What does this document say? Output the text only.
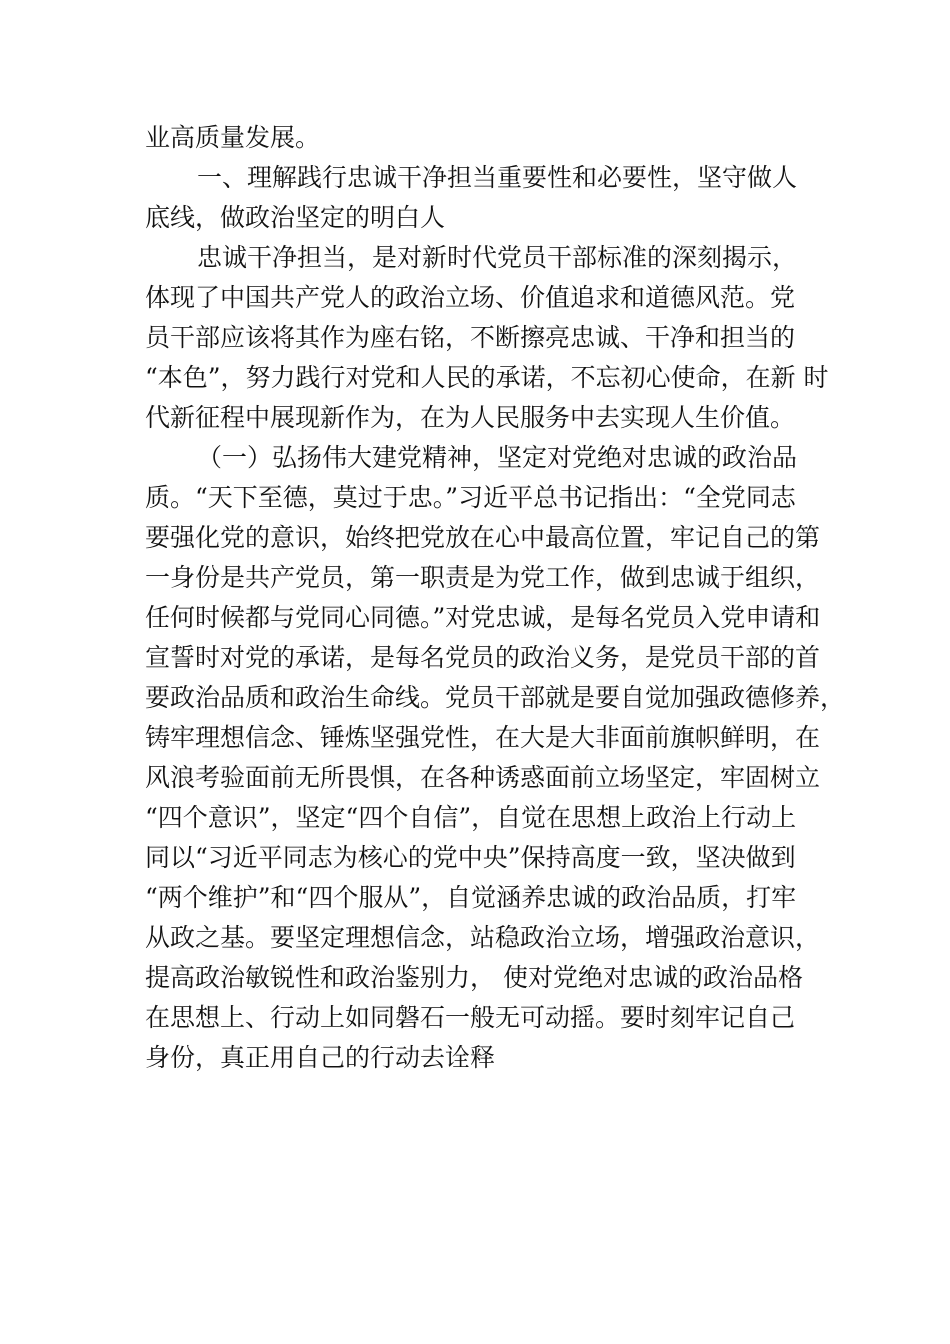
业高质量发展。
一、理解践行忠诚干净担当重要性和必要性，坚守做人
底线，做政治坚定的明白人
忠诚干净担当，是对新时代党员干部标准的深刻揭示，
体现了中国共产党人的政治立场、价值追求和道德风范。党
员干部应该将其作为座右铭，不断擦亮忠诚、干净和担当的
“本色”，努力践行对党和人民的承诺，不忘初心使命，在新 时
代新征程中展现新作为，在为人民服务中去实现人生价值。
（一）弘扬伟大建党精神，坚定对党绝对忠诚的政治品
质。“天下至德，莫过于忠。”习近平总书记指出：“全党同志
要强化党的意识，始终把党放在心中最高位置，牢记自己的第
一身份是共产党员，第一职责是为党工作，做到忠诚于组织，
任何时候都与党同心同德。”对党忠诚，是每名党员入党申请和
宣誓时对党的承诺，是每名党员的政治义务，是党员干部的首
要政治品质和政治生命线。党员干部就是要自觉加强政德修养，
铸牢理想信念、锤炼坚强党性，在大是大非面前旗帜鲜明，在
风浪考验面前无所畏惧，在各种诱惑面前立场坚定，牢固树立
“四个意识”，坚定“四个自信”，自觉在思想上政治上行动上
同以“习近平同志为核心的党中央”保持高度一致，坚决做到
“两个维护”和“四个服从”，自觉涵养忠诚的政治品质，打牢
从政之基。要坚定理想信念，站稳政治立场，增强政治意识，
提高政治敏锐性和政治鉴别力， 使对党绝对忠诚的政治品格
在思想上、行动上如同磐石一般无可动摇。要时刻牢记自己
身份，真正用自己的行动去诠释
